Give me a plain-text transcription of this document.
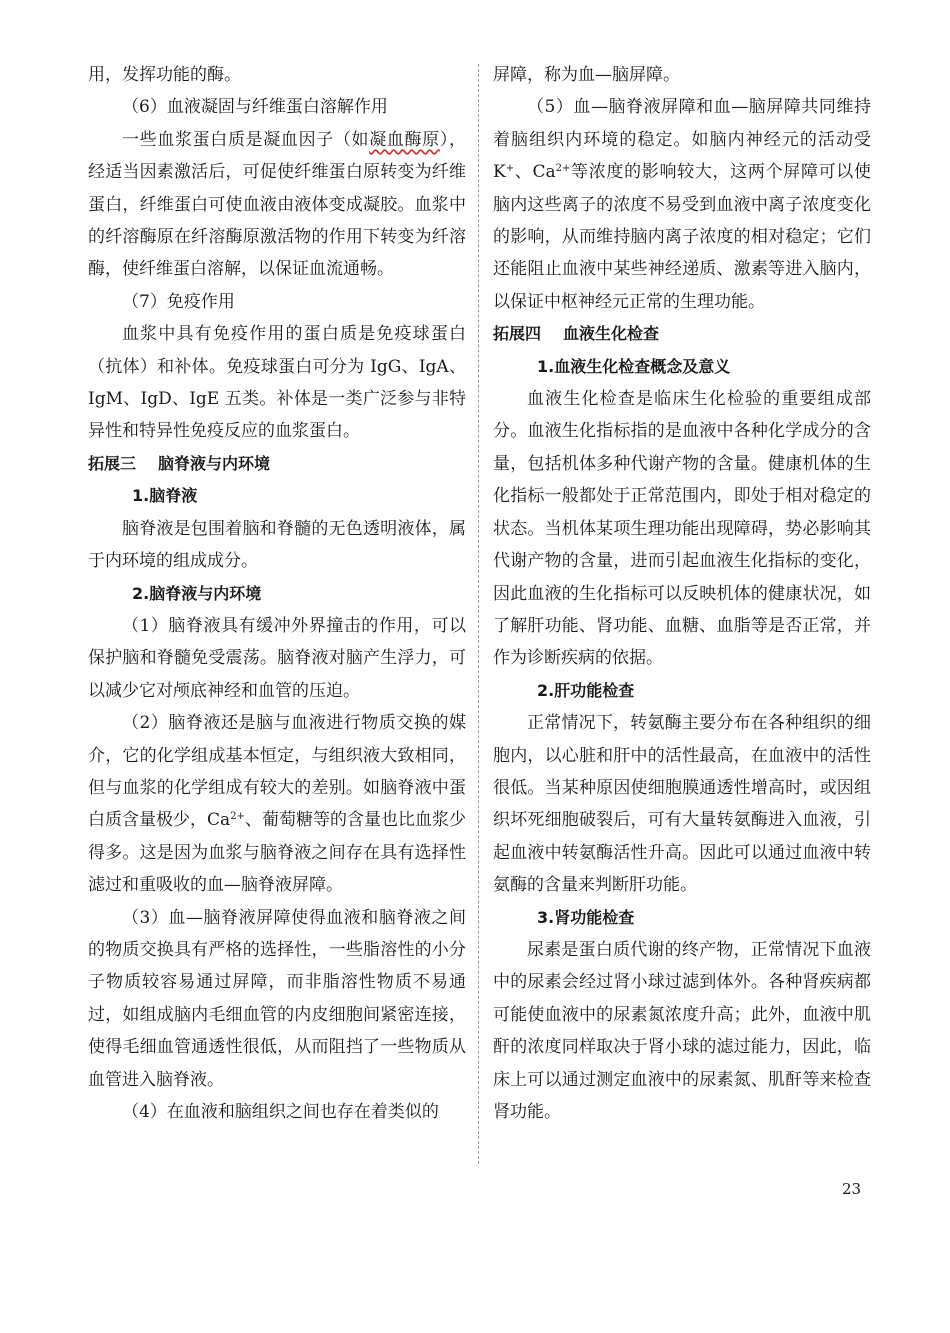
用，发挥功能的酶。

（6）血液凝固与纤维蛋白溶解作用

一些血浆蛋白质是凝血因子（如凝血酶原），经适当因素激活后，可促使纤维蛋白原转变为纤维蛋白，纤维蛋白可使血液由液体变成凝胶。血浆中的纤溶酶原在纤溶酶原激活物的作用下转变为纤溶酶，使纤维蛋白溶解，以保证血流通畅。

（7）免疫作用

血浆中具有免疫作用的蛋白质是免疫球蛋白（抗体）和补体。免疫球蛋白可分为 IgG、IgA、IgM、IgD、IgE 五类。补体是一类广泛参与非特异性和特异性免疫反应的血浆蛋白。

拓展三 脑脊液与内环境

1.脑脊液

脑脊液是包围着脑和脊髓的无色透明液体，属于内环境的组成成分。

2.脑脊液与内环境

（1）脑脊液具有缓冲外界撞击的作用，可以保护脑和脊髓免受震荡。脑脊液对脑产生浮力，可以减少它对颅底神经和血管的压迫。

（2）脑脊液还是脑与血液进行物质交换的媒介，它的化学组成基本恒定，与组织液大致相同，但与血浆的化学组成有较大的差别。如脑脊液中蛋白质含量极少，$Ca^{2+}$、葡萄糖等的含量也比血浆少得多。这是因为血浆与脑脊液之间存在具有选择性滤过和重吸收的血—脑脊液屏障。

（3）血—脑脊液屏障使得血液和脑脊液之间的物质交换具有严格的选择性，一些脂溶性的小分子物质较容易通过屏障，而非脂溶性物质不易通过，如组成脑内毛细血管的内皮细胞间紧密连接，使得毛细血管通透性很低，从而阻挡了一些物质从血管进入脑脊液。

（4）在血液和脑组织之间也存在着类似的

屏障，称为血—脑屏障。

（5）血—脑脊液屏障和血—脑屏障共同维持着脑组织内环境的稳定。如脑内神经元的活动受 K+、$Ca^{2+}$等浓度的影响较大，这两个屏障可以使脑内这些离子的浓度不易受到血液中离子浓度变化的影响，从而维持脑内离子浓度的相对稳定；它们还能阻止血液中某些神经递质、激素等进入脑内，以保证中枢神经元正常的生理功能。

拓展四 血液生化检查

1.血液生化检查概念及意义

血液生化检查是临床生化检验的重要组成部分。血液生化指标指的是血液中各种化学成分的含量，包括机体多种代谢产物的含量。健康机体的生化指标一般都处于正常范围内，即处于相对稳定的状态。当机体某项生理功能出现障碍，势必影响其代谢产物的含量，进而引起血液生化指标的变化，因此血液的生化指标可以反映机体的健康状况，如了解肝功能、肾功能、血糖、血脂等是否正常，并作为诊断疾病的依据。

2.肝功能检查

正常情况下，转氨酶主要分布在各种组织的细胞内，以心脏和肝中的活性最高，在血液中的活性很低。当某种原因使细胞膜通透性增高时，或因组织坏死细胞破裂后，可有大量转氨酶进入血液，引起血液中转氨酶活性升高。因此可以通过血液中转氨酶的含量来判断肝功能。

3.肾功能检查

尿素是蛋白质代谢的终产物，正常情况下血液中的尿素会经过肾小球过滤到体外。各种肾疾病都可能使血液中的尿素氮浓度升高；此外，血液中肌酐的浓度同样取决于肾小球的滤过能力，因此，临床上可以通过测定血液中的尿素氮、肌酐等来检查肾功能。

23
